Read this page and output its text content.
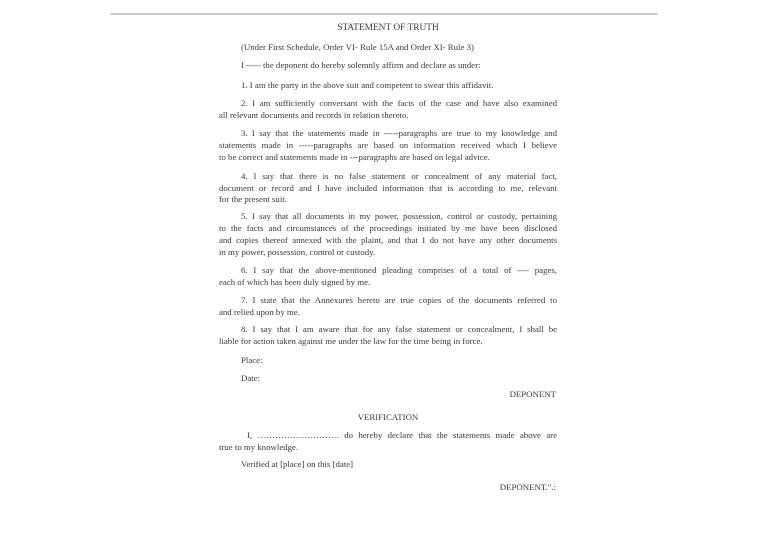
STATEMENT OF TRUTH
(Under First Schedule, Order VI- Rule 15A and Order XI- Rule 3)
I ----- the deponent do hereby solemnly affirm and declare as under:
1. I am the party in the above suit and competent to swear this affidavit.
2. I am sufficiently conversant with the facts of the case and have also examined
all relevant documents and records in relation thereto.
3. I say that the statements made in -----paragraphs are true to my knowledge and
statements made in -----paragraphs are based on information received which I believe
to be correct and statements made in ---paragraphs are based on legal advice.
4. I say that there is no false statement or concealment of any material fact,
document or record and I have included information that is according to me, relevant
for the present suit.
5. I say that all documents in my power, possession, control or custody, pertaining
to the facts and circumstances of the proceedings initiated by me have been disclosed
and copies thereof annexed with the plaint, and that I do not have any other documents
in my power, possession, control or custody.
6. I say that the above-mentioned pleading comprises of a total of ---- pages,
each of which has been duly signed by me.
7. I state that the Annexures hereto are true copies of the documents referred to
and relied upon by me.
8. I say that I am aware that for any false statement or concealment, I shall be
liable for action taken against me under the law for the time being in force.
Place:
Date:
DEPONENT
VERIFICATION
I, ………………………. do hereby declare that the statements made above are
true to my knowledge.
Verified at [place] on this [date]
DEPONENT.".:
